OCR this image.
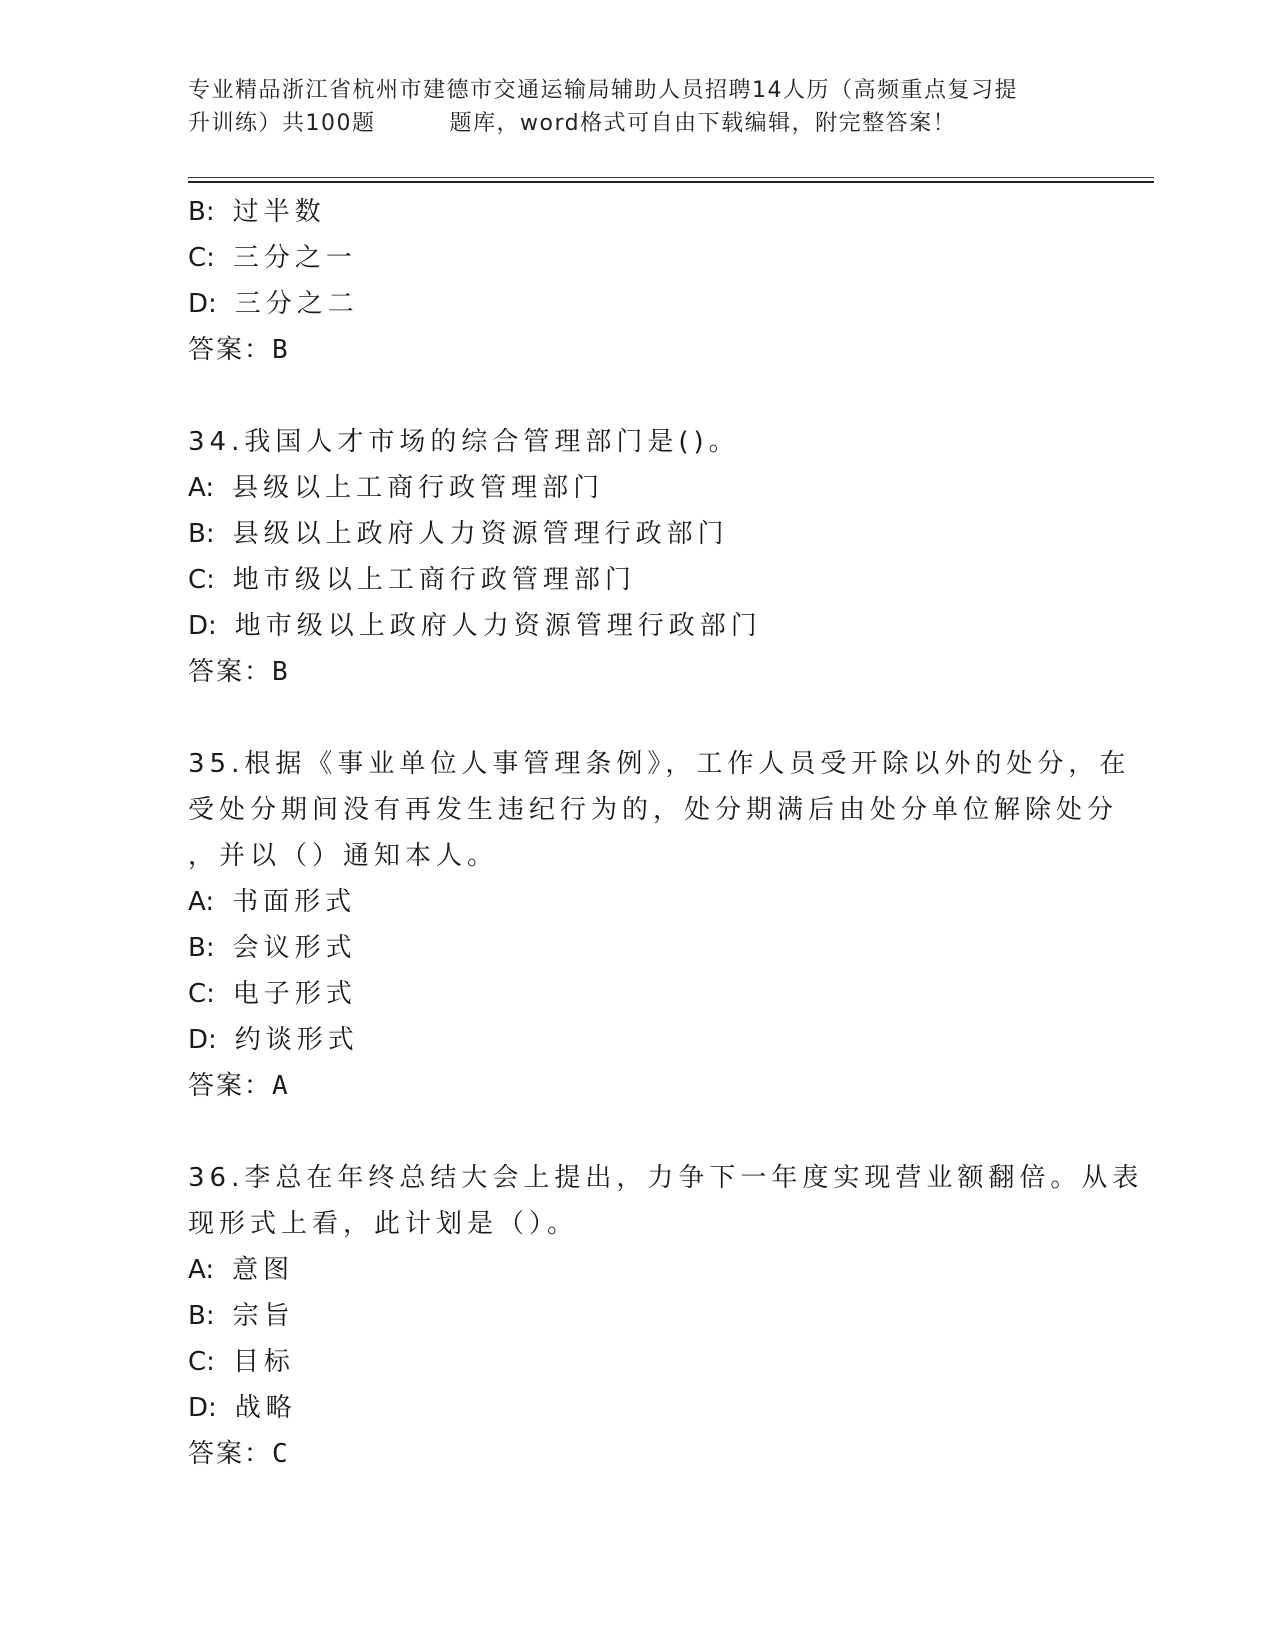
专业精品浙江省杭州市建德市交通运输局辅助人员招聘14人历（高频重点复习提
升训练）共100题	题库，word格式可自由下载编辑，附完整答案！
B: 过半数
C: 三分之一
D: 三分之二
答案：B
34.我国人才市场的综合管理部门是()。
A: 县级以上工商行政管理部门
B: 县级以上政府人力资源管理行政部门
C: 地市级以上工商行政管理部门
D: 地市级以上政府人力资源管理行政部门
答案：B
35.根据《事业单位人事管理条例》，工作人员受开除以外的处分，在
受处分期间没有再发生违纪行为的，处分期满后由处分单位解除处分
，并以（）通知本人。
A: 书面形式
B: 会议形式
C: 电子形式
D: 约谈形式
答案：A
36.李总在年终总结大会上提出，力争下一年度实现营业额翻倍。从表
现形式上看，此计划是（）。
A: 意图
B: 宗旨
C: 目标
D: 战略
答案：C
